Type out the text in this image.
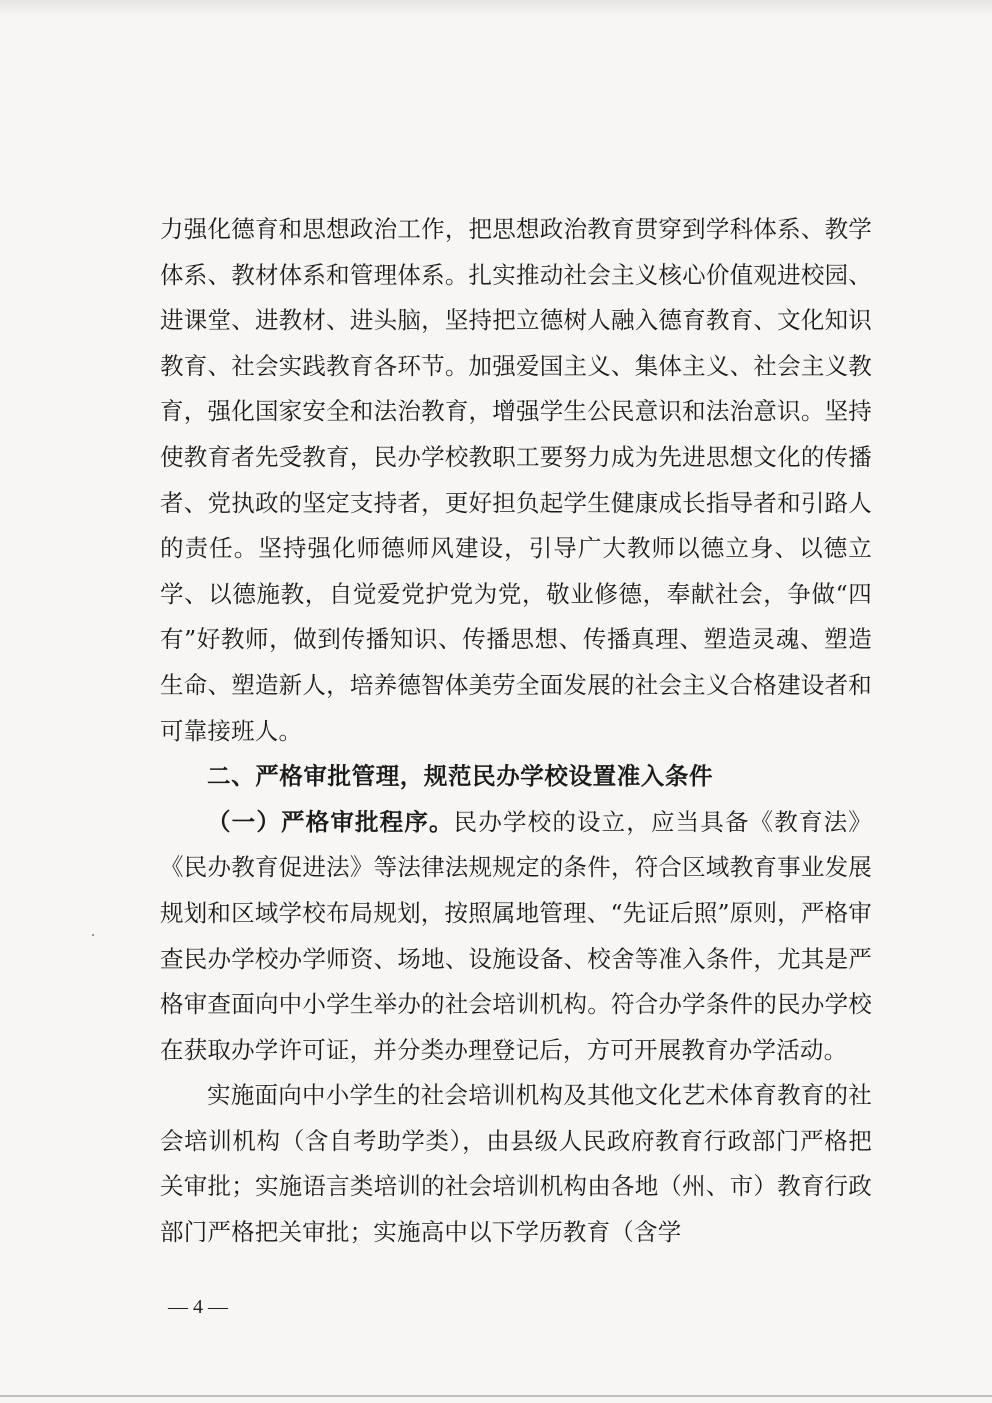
力强化德育和思想政治工作，把思想政治教育贯穿到学科体系、教学体系、教材体系和管理体系。扎实推动社会主义核心价值观进校园、进课堂、进教材、进头脑，坚持把立德树人融入德育教育、文化知识教育、社会实践教育各环节。加强爱国主义、集体主义、社会主义教育，强化国家安全和法治教育，增强学生公民意识和法治意识。坚持使教育者先受教育，民办学校教职工要努力成为先进思想文化的传播者、党执政的坚定支持者，更好担负起学生健康成长指导者和引路人的责任。坚持强化师德师风建设，引导广大教师以德立身、以德立学、以德施教，自觉爱党护党为党，敬业修德，奉献社会，争做“四有”好教师，做到传播知识、传播思想、传播真理、塑造灵魂、塑造生命、塑造新人，培养德智体美劳全面发展的社会主义合格建设者和可靠接班人。

二、严格审批管理，规范民办学校设置准入条件

（一）严格审批程序。民办学校的设立，应当具备《教育法》《民办教育促进法》等法律法规规定的条件，符合区域教育事业发展规划和区域学校布局规划，按照属地管理、“先证后照”原则，严格审查民办学校办学师资、场地、设施设备、校舍等准入条件，尤其是严格审查面向中小学生举办的社会培训机构。符合办学条件的民办学校在获取办学许可证，并分类办理登记后，方可开展教育办学活动。

实施面向中小学生的社会培训机构及其他文化艺术体育教育的社会培训机构（含自考助学类），由县级人民政府教育行政部门严格把关审批；实施语言类培训的社会培训机构由各地（州、市）教育行政部门严格把关审批；实施高中以下学历教育（含学

— 4 —
